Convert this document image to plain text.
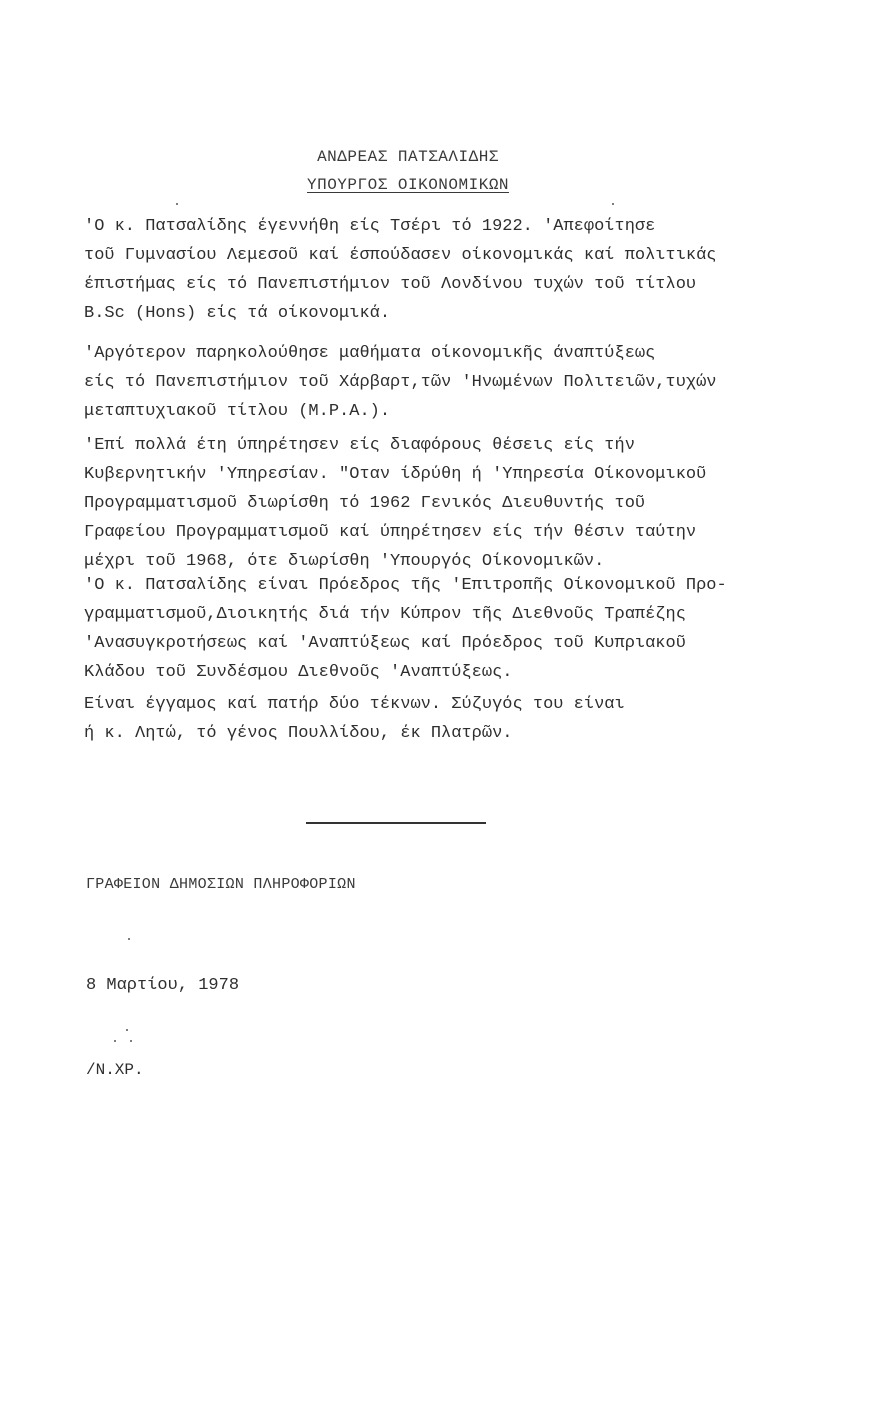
ΑΝΔΡΕΑΣ ΠΑΤΣΑΛΙΔΗΣ
ΥΠΟΥΡΓΟΣ ΟΙΚΟΝΟΜΙΚΩΝ
'Ο κ. Πατσαλίδης έγεννήθη είς Τσέρι τό 1922. 'Απεφοίτησε
τοῦ Γυμνασίου Λεμεσοῦ καί έσπούδασεν οίκονομικάς καί πολιτικάς
έπιστήμας είς τό Πανεπιστήμιον τοῦ Λονδίνου τυχών τοῦ τίτλου
B.Sc (Hons) είς τά οίκονομικά.
'Αργότερον παρηκολούθησε μαθήματα οίκονομικῆς άναπτύξεως
είς τό Πανεπιστήμιον τοῦ Χάρβαρτ,τῶν 'Ηνωμένων Πολιτειῶν,τυχών
μεταπτυχιακοῦ τίτλου (M.P.A.).
'Επί πολλά έτη ύπηρέτησεν είς διαφόρους θέσεις είς τήν
Κυβερνητικήν 'Υπηρεσίαν. "Οταν ίδρύθη ή 'Υπηρεσία Οίκονομικοῦ
Προγραμματισμοῦ διωρίσθη τό 1962 Γενικός Διευθυντής τοῦ
Γραφείου Προγραμματισμοῦ καί ύπηρέτησεν είς τήν θέσιν ταύτην
μέχρι τοῦ 1968, ότε διωρίσθη 'Υπουργός Οίκονομικῶν.
'Ο κ. Πατσαλίδης είναι Πρόεδρος τῆς 'Επιτροπῆς Οίκονομικοῦ Προ-
γραμματισμοῦ,Διοικητής διά τήν Κύπρον τῆς Διεθνοῦς Τραπέζης
'Ανασυγκροτήσεως καί 'Αναπτύξεως καί Πρόεδρος τοῦ Κυπριακοῦ
Κλάδου τοῦ Συνδέσμου Διεθνοῦς 'Αναπτύξεως.
Είναι έγγαμος καί πατήρ δύο τέκνων. Σύζυγός του είναι
ή κ. Λητώ, τό γένος Πουλλίδου, έκ Πλατρῶν.
ΓΡΑΦΕΙΟΝ ΔΗΜΟΣΙΩΝ ΠΛΗΡΟΦΟΡΙΩΝ
8 Μαρτίου, 1978
/Ν.ΧΡ.
